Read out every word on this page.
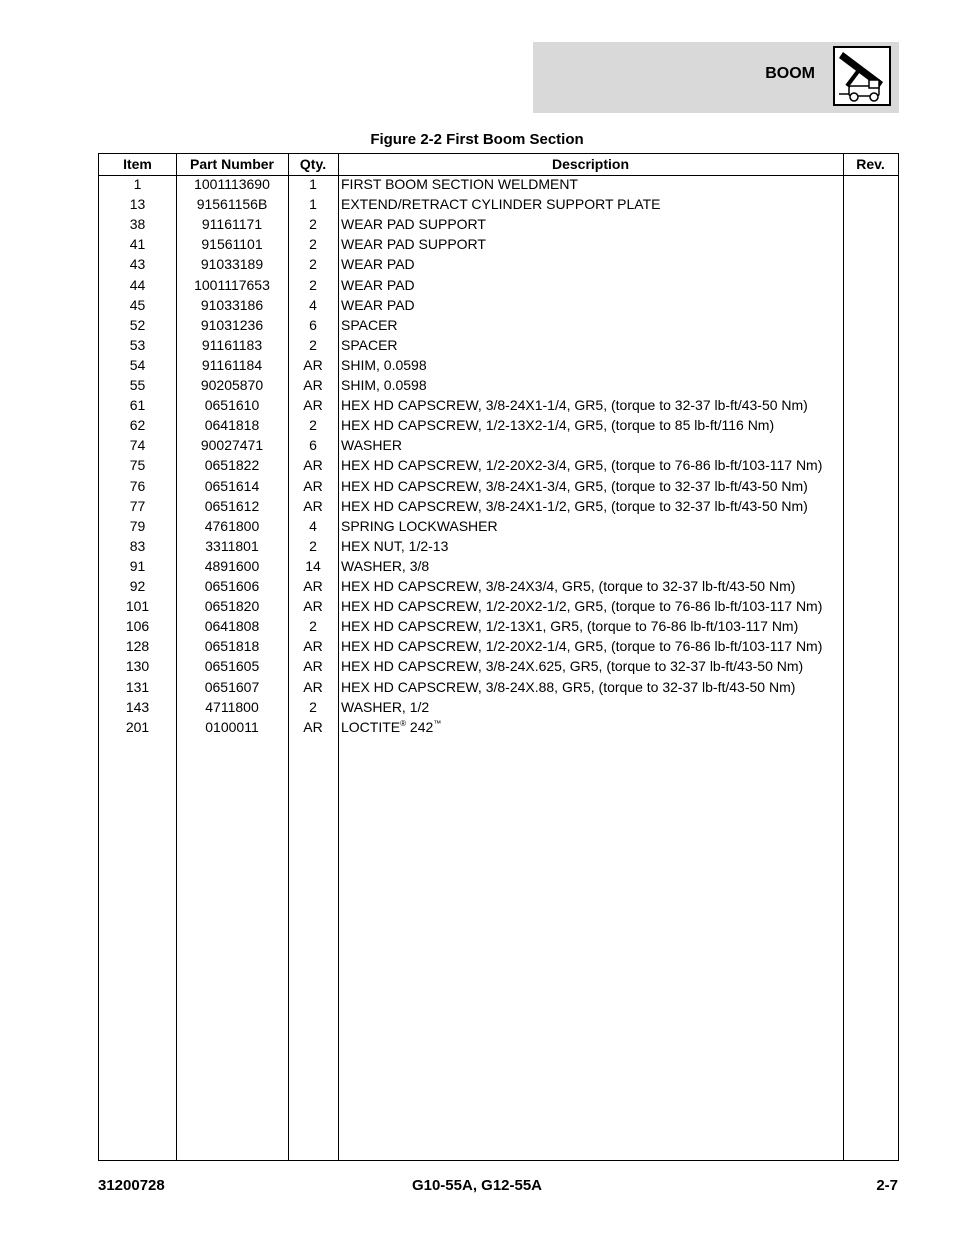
BOOM
Figure 2-2 First Boom Section
Item	Part Number	Qty.	Description	Rev.
1	1001113690	1	FIRST BOOM SECTION WELDMENT
13	91561156B	1	EXTEND/RETRACT CYLINDER SUPPORT PLATE
38	91161171	2	WEAR PAD SUPPORT
41	91561101	2	WEAR PAD SUPPORT
43	91033189	2	WEAR PAD
44	1001117653	2	WEAR PAD
45	91033186	4	WEAR PAD
52	91031236	6	SPACER
53	91161183	2	SPACER
54	91161184	AR	SHIM, 0.0598
55	90205870	AR	SHIM, 0.0598
61	0651610	AR	HEX HD CAPSCREW, 3/8-24X1-1/4, GR5, (torque to 32-37 lb-ft/43-50 Nm)
62	0641818	2	HEX HD CAPSCREW, 1/2-13X2-1/4, GR5, (torque to 85 lb-ft/116 Nm)
74	90027471	6	WASHER
75	0651822	AR	HEX HD CAPSCREW, 1/2-20X2-3/4, GR5, (torque to 76-86 lb-ft/103-117 Nm)
76	0651614	AR	HEX HD CAPSCREW, 3/8-24X1-3/4, GR5, (torque to 32-37 lb-ft/43-50 Nm)
77	0651612	AR	HEX HD CAPSCREW, 3/8-24X1-1/2, GR5, (torque to 32-37 lb-ft/43-50 Nm)
79	4761800	4	SPRING LOCKWASHER
83	3311801	2	HEX NUT, 1/2-13
91	4891600	14	WASHER, 3/8
92	0651606	AR	HEX HD CAPSCREW, 3/8-24X3/4, GR5, (torque to 32-37 lb-ft/43-50 Nm)
101	0651820	AR	HEX HD CAPSCREW, 1/2-20X2-1/2, GR5, (torque to 76-86 lb-ft/103-117 Nm)
106	0641808	2	HEX HD CAPSCREW, 1/2-13X1, GR5, (torque to 76-86 lb-ft/103-117 Nm)
128	0651818	AR	HEX HD CAPSCREW, 1/2-20X2-1/4, GR5, (torque to 76-86 lb-ft/103-117 Nm)
130	0651605	AR	HEX HD CAPSCREW, 3/8-24X.625, GR5, (torque to 32-37 lb-ft/43-50 Nm)
131	0651607	AR	HEX HD CAPSCREW, 3/8-24X.88, GR5, (torque to 32-37 lb-ft/43-50 Nm)
143	4711800	2	WASHER, 1/2
201	0100011	AR	LOCTITE® 242™
31200728	G10-55A, G12-55A	2-7
